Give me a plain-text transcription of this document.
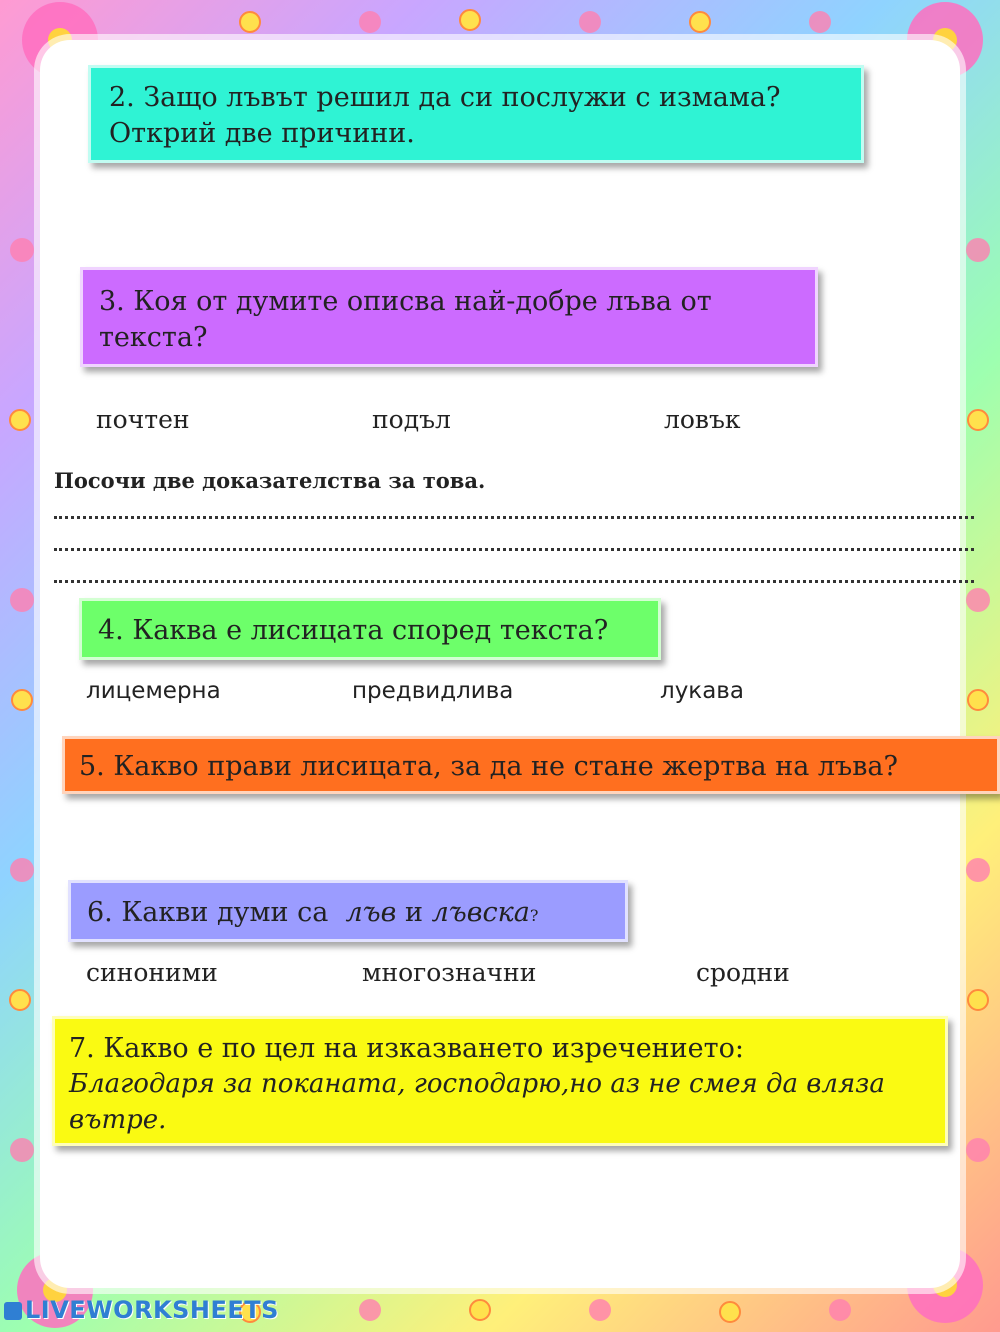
2. Защо лъвът решил да си послужи с измама?

Открий две причини.

3. Коя от думите описва най-добре лъва от

текста?

почтен	подъл	ловък
Посочи две доказателства за това.

4. Каква е лисицата според текста?

лицемерна	предвидлива	лукава

5. Какво прави лисицата, за да не стане жертва на лъва?

6. Какви думи са лъв и лъвска?

синоними	многозначни	сродни

7. Какво е по цел на изказването изречението:

Благодаря за поканата, господарю,но аз не смея да вляза

вътре.

LIVEWORKSHEETS
